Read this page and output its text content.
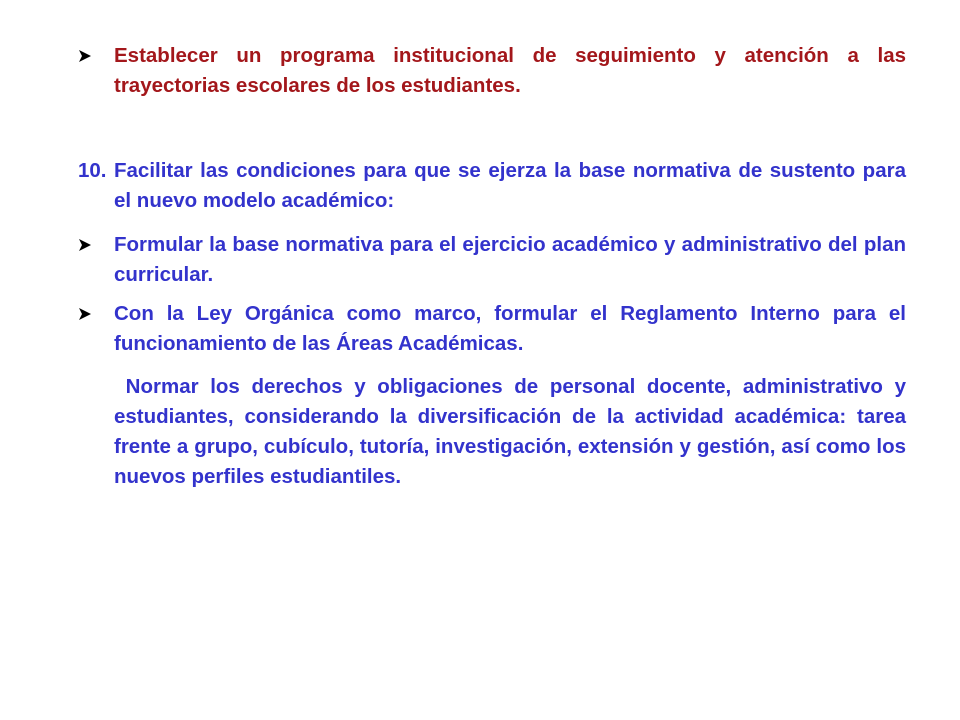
Establecer un programa institucional de seguimiento y atención a las trayectorias escolares de los estudiantes.

10. Facilitar las condiciones para que se ejerza la base normativa de sustento para el nuevo modelo académico:

Formular la base normativa para el ejercicio académico y administrativo del plan curricular.

Con la Ley Orgánica como marco, formular el Reglamento Interno para el funcionamiento de las Áreas Académicas.

Normar los derechos y obligaciones de personal docente, administrativo y estudiantes, considerando la diversificación de la actividad académica: tarea frente a grupo, cubículo, tutoría, investigación, extensión y gestión, así como los nuevos perfiles estudiantiles.
